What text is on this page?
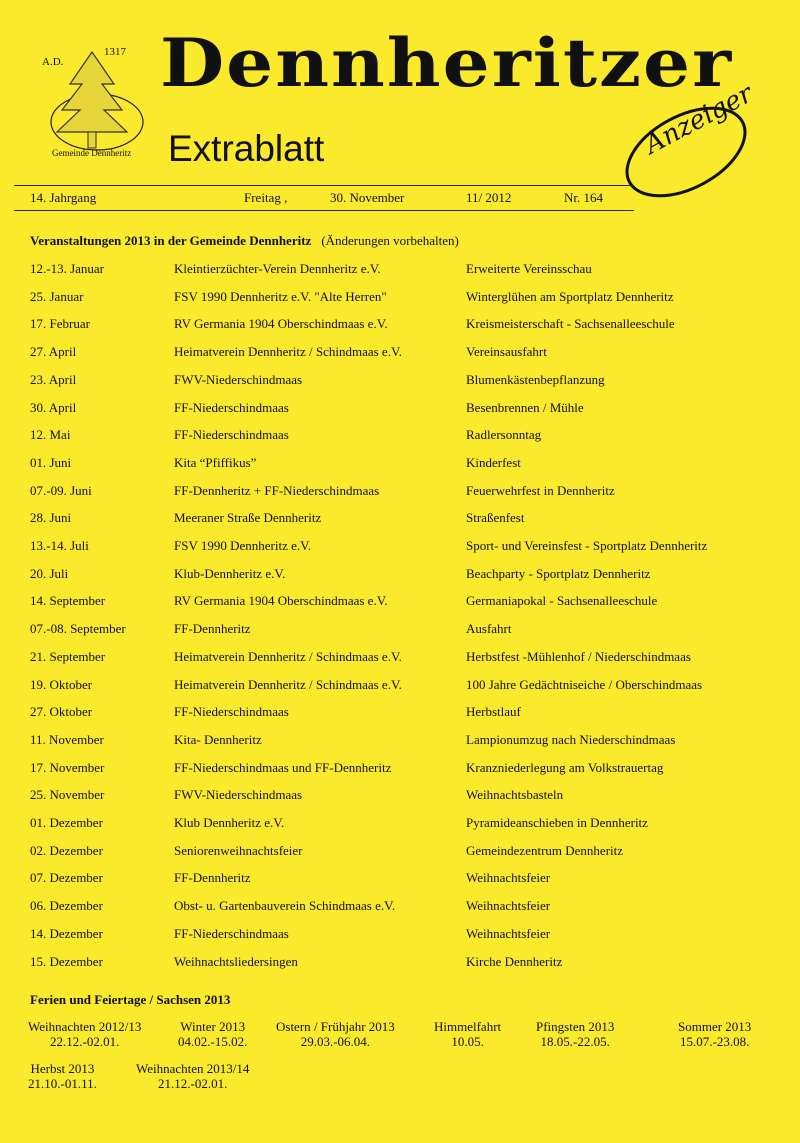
A.D.
1317
Gemeinde Dennheritz
Dennheritzer
Extrablatt	Anzeiger
14. Jahrgang	Freitag ,	30. November	11/ 2012	Nr. 164
Veranstaltungen 2013 in der Gemeinde Dennheritz (Änderungen vorbehalten)
12.-13. Januar	Kleintierzüchter-Verein Dennheritz e.V.	Erweiterte Vereinsschau
25. Januar	FSV 1990 Dennheritz e.V. "Alte Herren"	Winterglühen am Sportplatz Dennheritz
17. Februar	RV Germania 1904 Oberschindmaas e.V.	Kreismeisterschaft - Sachsenalleeschule
27. April	Heimatverein Dennheritz / Schindmaas e.V.	Vereinsausfahrt
23. April	FWV-Niederschindmaas	Blumenkästenbepflanzung
30. April	FF-Niederschindmaas	Besenbrennen / Mühle
12. Mai	FF-Niederschindmaas	Radlersonntag
01. Juni	Kita “Pfiffikus”	Kinderfest
07.-09. Juni	FF-Dennheritz + FF-Niederschindmaas	Feuerwehrfest in Dennheritz
28. Juni	Meeraner Straße Dennheritz	Straßenfest
13.-14. Juli	FSV 1990 Dennheritz e.V.	Sport- und Vereinsfest - Sportplatz Dennheritz
20. Juli	Klub-Dennheritz e.V.	Beachparty - Sportplatz Dennheritz
14. September	RV Germania 1904 Oberschindmaas e.V.	Germaniapokal - Sachsenalleeschule
07.-08. September	FF-Dennheritz	Ausfahrt
21. September	Heimatverein Dennheritz / Schindmaas e.V.	Herbstfest -Mühlenhof / Niederschindmaas
19. Oktober	Heimatverein Dennheritz / Schindmaas e.V.	100 Jahre Gedächtniseiche / Oberschindmaas
27. Oktober	FF-Niederschindmaas	Herbstlauf
11. November	Kita- Dennheritz	Lampionumzug nach Niederschindmaas
17. November	FF-Niederschindmaas und FF-Dennheritz	Kranzniederlegung am Volkstrauertag
25. November	FWV-Niederschindmaas	Weihnachtsbasteln
01. Dezember	Klub Dennheritz e.V.	Pyramideanschieben in Dennheritz
02. Dezember	Seniorenweihnachtsfeier	Gemeindezentrum Dennheritz
07. Dezember	FF-Dennheritz	Weihnachtsfeier
06. Dezember	Obst- u. Gartenbauverein Schindmaas e.V.	Weihnachtsfeier
14. Dezember	FF-Niederschindmaas	Weihnachtsfeier
15. Dezember	Weihnachtsliedersingen	Kirche Dennheritz
Ferien und Feiertage / Sachsen 2013
Weihnachten 2012/13
22.12.-02.01.
Winter 2013
04.02.-15.02.
Ostern / Frühjahr 2013
29.03.-06.04.
Himmelfahrt
10.05.
Pfingsten 2013
18.05.-22.05.
Sommer 2013
15.07.-23.08.
Herbst 2013
21.10.-01.11.
Weihnachten 2013/14
21.12.-02.01.
